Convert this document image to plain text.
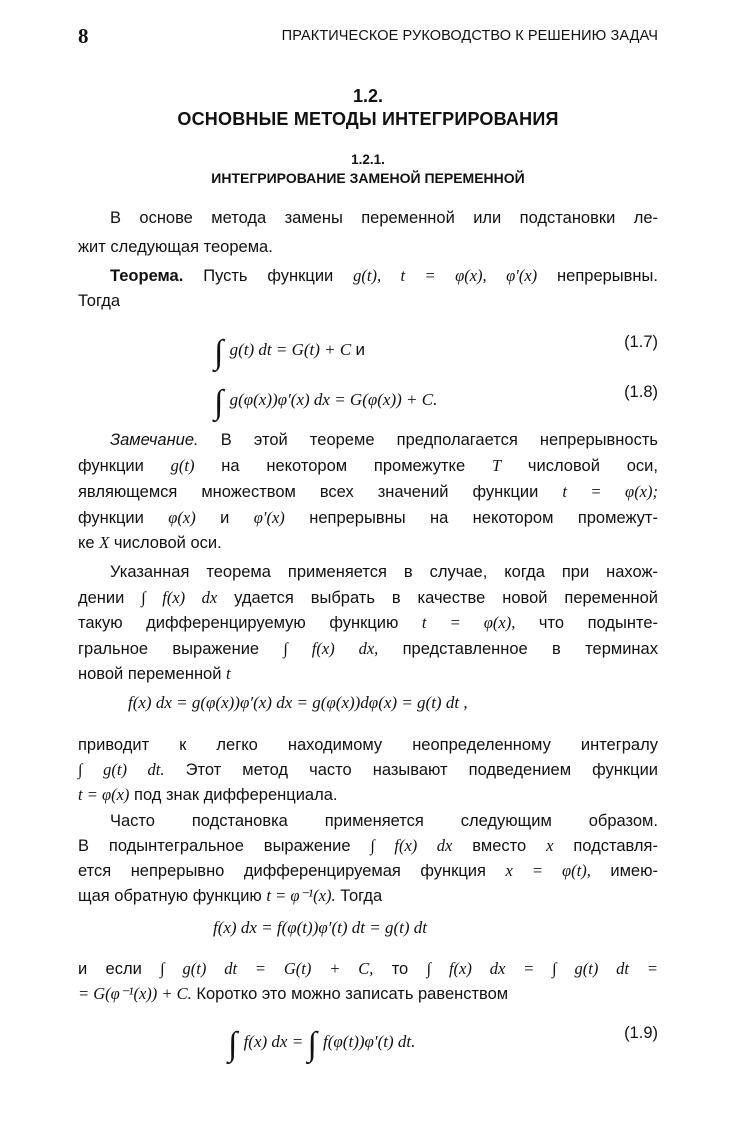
8	ПРАКТИЧЕСКОЕ РУКОВОДСТВО К РЕШЕНИЮ ЗАДАЧ
1.2.
ОСНОВНЫЕ МЕТОДЫ ИНТЕГРИРОВАНИЯ
1.2.1.
ИНТЕГРИРОВАНИЕ ЗАМЕНОЙ ПЕРЕМЕННОЙ
В основе метода замены переменной или подстановки ле-
жит следующая теорема.
Теорема. Пусть функции g(t), t = φ(x), φ′(x) непрерывны.
Тогда
∫ g(t) dt = G(t) + C и	(1.7)
∫ g(φ(x))φ′(x) dx = G(φ(x)) + C.	(1.8)
Замечание. В этой теореме предполагается непрерывность
функции g(t) на некотором промежутке T числовой оси,
являющемся множеством всех значений функции t = φ(x);
функции φ(x) и φ′(x) непрерывны на некотором промежут-
ке X числовой оси.
Указанная теорема применяется в случае, когда при нахож-
дении ∫ f(x) dx удается выбрать в качестве новой переменной
такую дифференцируемую функцию t = φ(x), что подынте-
гральное выражение ∫ f(x) dx, представленное в терминах
новой переменной t
f(x) dx = g(φ(x))φ′(x) dx = g(φ(x))dφ(x) = g(t) dt ,
приводит к легко находимому неопределенному интегралу
∫ g(t) dt. Этот метод часто называют подведением функции
t = φ(x) под знак дифференциала.
Часто подстановка применяется следующим образом.
В подынтегральное выражение ∫ f(x) dx вместо x подставля-
ется непрерывно дифференцируемая функция x = φ(t), имею-
щая обратную функцию t = φ⁻¹(x). Тогда
f(x) dx = f(φ(t))φ′(t) dt = g(t) dt
и если ∫ g(t) dt = G(t) + C, то ∫ f(x) dx = ∫ g(t) dt =
= G(φ⁻¹(x)) + C. Коротко это можно записать равенством
∫ f(x) dx = ∫ f(φ(t))φ′(t) dt.	(1.9)
